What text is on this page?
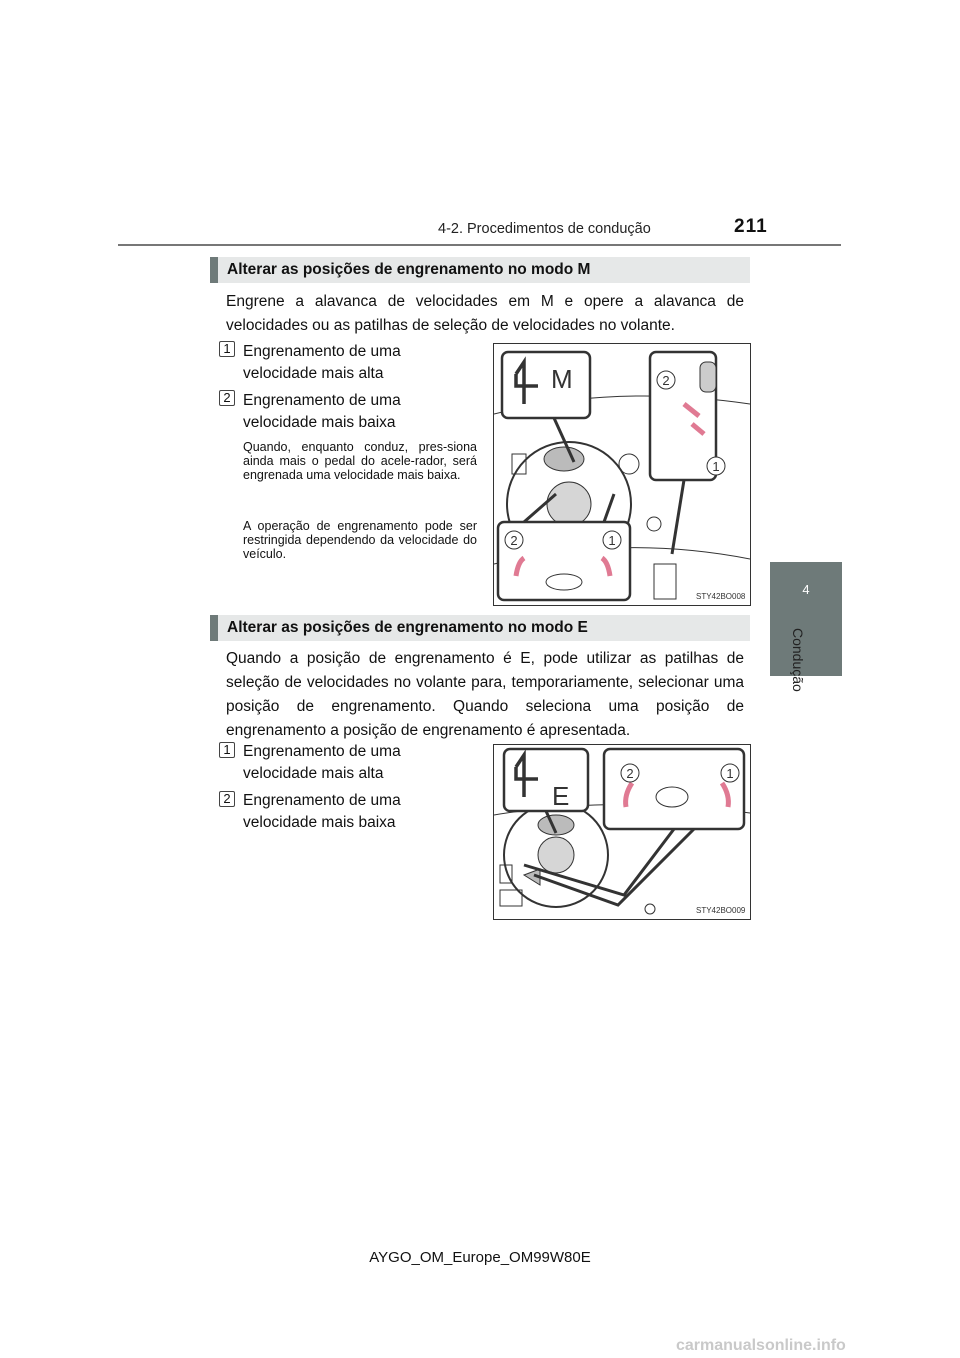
4-2. Procedimentos de condução	211
4
Condução
Alterar as posições de engrenamento no modo M
Engrene a alavanca de velocidades em M e opere a alavanca de velocidades ou as patilhas de seleção de velocidades no volante.
1 Engrenamento de uma
velocidade mais alta
2 Engrenamento de uma
velocidade mais baixa
Quando, enquanto conduz, pres-siona ainda mais o pedal do acele-rador, será engrenada uma velocidade mais baixa.
A operação de engrenamento pode ser restringida dependendo da velocidade do veículo.
M	2
1
2	1
STY42BO008
Alterar as posições de engrenamento no modo E
Quando a posição de engrenamento é E, pode utilizar as patilhas de seleção de velocidades no volante para, temporariamente, selecionar uma posição de engrenamento. Quando seleciona uma posição de engrenamento a posição de engrenamento é apresentada.
1 Engrenamento de uma
velocidade mais alta
2 Engrenamento de uma
velocidade mais baixa
E
2	1
STY42BO009
AYGO_OM_Europe_OM99W80E
carmanualsonline.info
